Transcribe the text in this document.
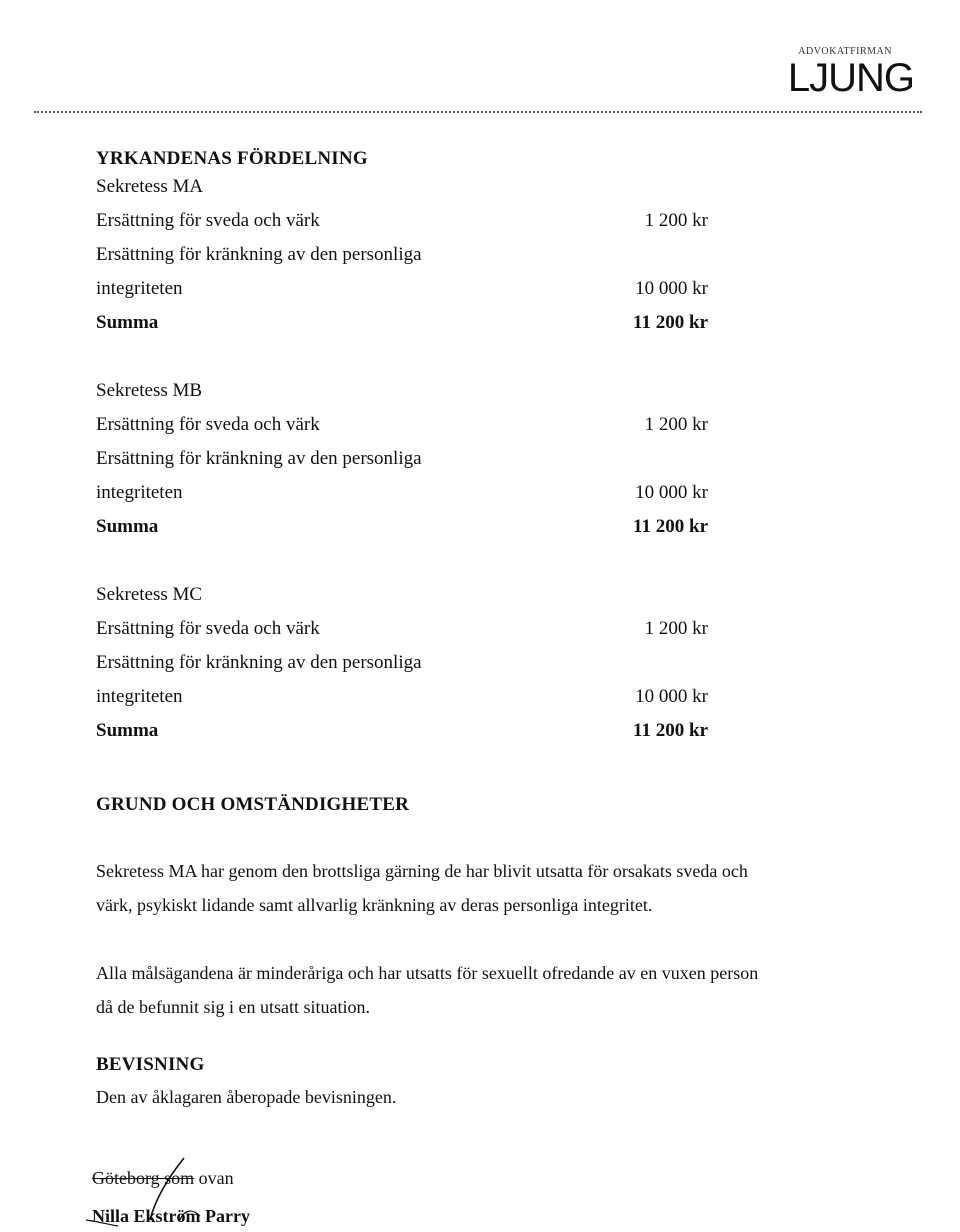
ADVOKATFIRMAN
LJUNG
YRKANDENAS FÖRDELNING
Sekretess MA
Ersättning för sveda och värk	1 200 kr
Ersättning för kränkning av den personliga
integriteten	10 000 kr
Summa	11 200 kr
Sekretess MB
Ersättning för sveda och värk	1 200 kr
Ersättning för kränkning av den personliga
integriteten	10 000 kr
Summa	11 200 kr
Sekretess MC
Ersättning för sveda och värk	1 200 kr
Ersättning för kränkning av den personliga
integriteten	10 000 kr
Summa	11 200 kr
GRUND OCH OMSTÄNDIGHETER

Sekretess MA har genom den brottsliga gärning de har blivit utsatta för orsakats sveda och

värk, psykiskt lidande samt allvarlig kränkning av deras personliga integritet.

Alla målsägandena är minderåriga och har utsatts för sexuellt ofredande av en vuxen person

då de befunnit sig i en utsatt situation.

BEVISNING

Den av åklagaren åberopade bevisningen.

Göteborg som ovan
Nilla Ekström Parry
